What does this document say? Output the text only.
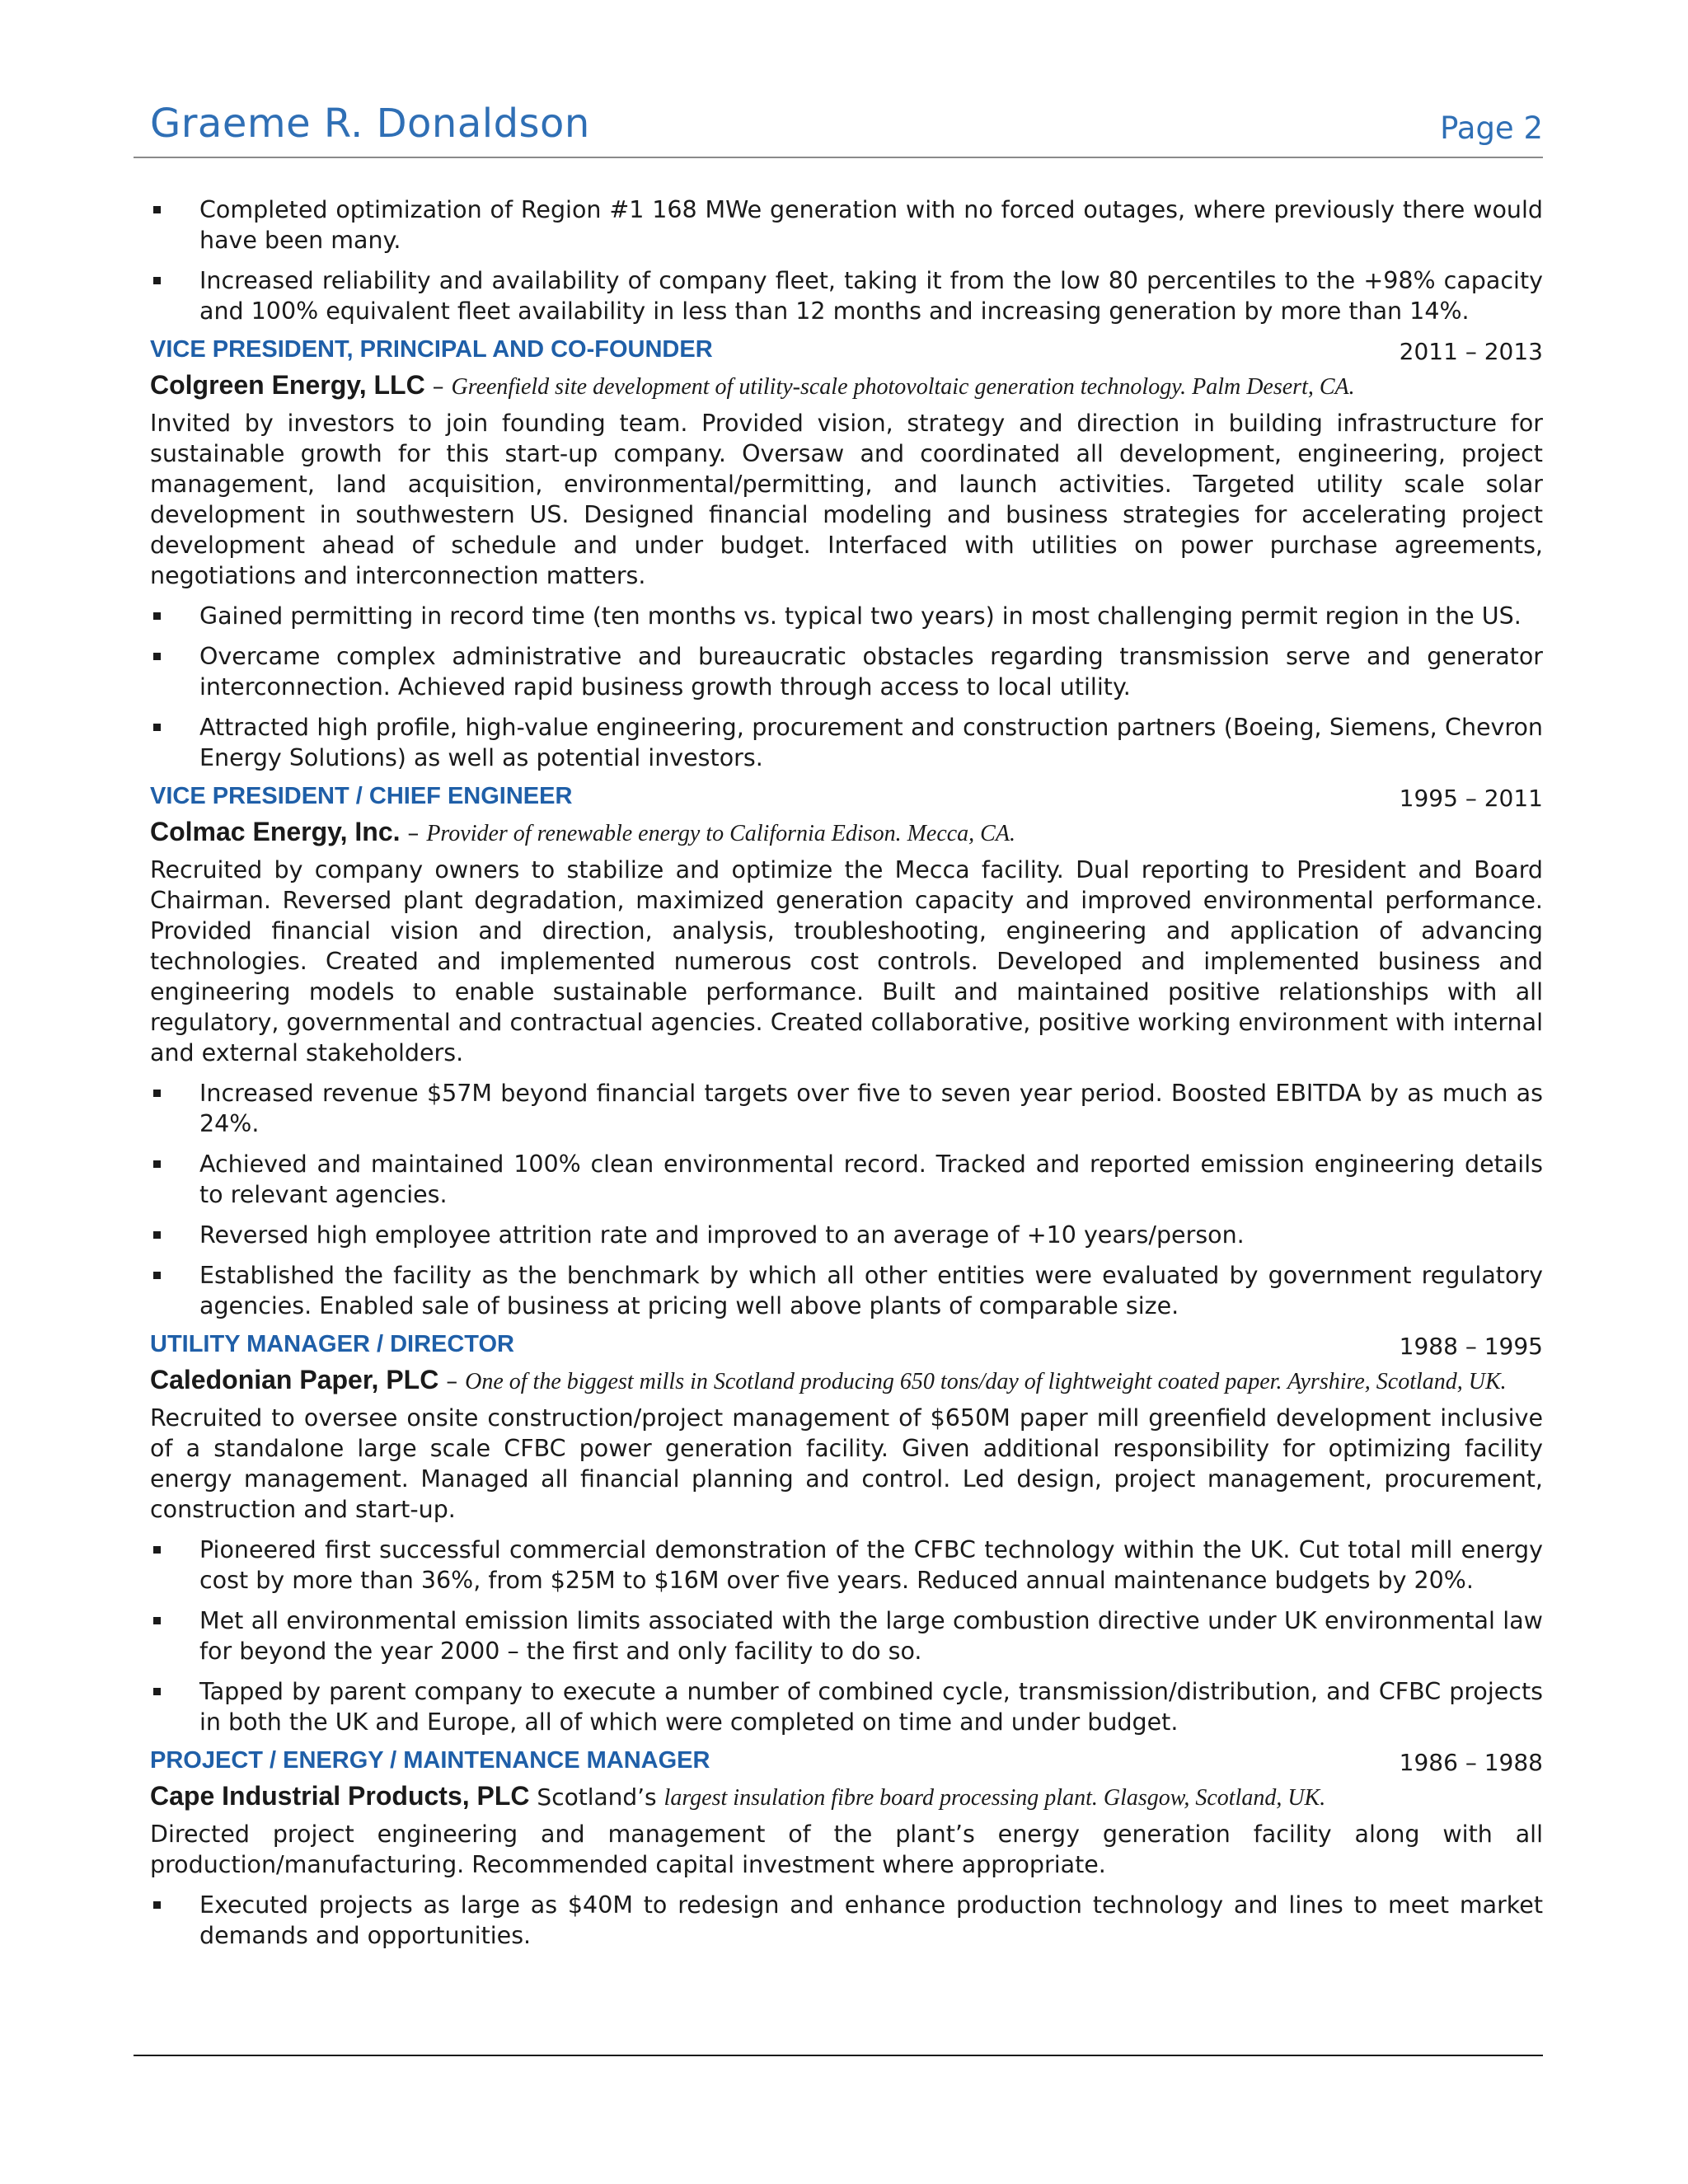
Graeme R. Donaldson	Page 2
Completed optimization of Region #1 168 MWe generation with no forced outages, where previously there would have been many.
Increased reliability and availability of company fleet, taking it from the low 80 percentiles to the +98% capacity and 100% equivalent fleet availability in less than 12 months and increasing generation by more than 14%.
VICE PRESIDENT, PRINCIPAL AND CO-FOUNDER	2011 – 2013
Colgreen Energy, LLC – Greenfield site development of utility-scale photovoltaic generation technology. Palm Desert, CA.
Invited by investors to join founding team. Provided vision, strategy and direction in building infrastructure for sustainable growth for this start-up company. Oversaw and coordinated all development, engineering, project management, land acquisition, environmental/permitting, and launch activities. Targeted utility scale solar development in southwestern US. Designed financial modeling and business strategies for accelerating project development ahead of schedule and under budget. Interfaced with utilities on power purchase agreements, negotiations and interconnection matters.
Gained permitting in record time (ten months vs. typical two years) in most challenging permit region in the US.
Overcame complex administrative and bureaucratic obstacles regarding transmission serve and generator interconnection. Achieved rapid business growth through access to local utility.
Attracted high profile, high-value engineering, procurement and construction partners (Boeing, Siemens, Chevron Energy Solutions) as well as potential investors.
VICE PRESIDENT / CHIEF ENGINEER	1995 – 2011
Colmac Energy, Inc. – Provider of renewable energy to California Edison. Mecca, CA.
Recruited by company owners to stabilize and optimize the Mecca facility. Dual reporting to President and Board Chairman. Reversed plant degradation, maximized generation capacity and improved environmental performance. Provided financial vision and direction, analysis, troubleshooting, engineering and application of advancing technologies. Created and implemented numerous cost controls. Developed and implemented business and engineering models to enable sustainable performance. Built and maintained positive relationships with all regulatory, governmental and contractual agencies. Created collaborative, positive working environment with internal and external stakeholders.
Increased revenue $57M beyond financial targets over five to seven year period. Boosted EBITDA by as much as 24%.
Achieved and maintained 100% clean environmental record. Tracked and reported emission engineering details to relevant agencies.
Reversed high employee attrition rate and improved to an average of +10 years/person.
Established the facility as the benchmark by which all other entities were evaluated by government regulatory agencies. Enabled sale of business at pricing well above plants of comparable size.
UTILITY MANAGER / DIRECTOR	1988 – 1995
Caledonian Paper, PLC – One of the biggest mills in Scotland producing 650 tons/day of lightweight coated paper. Ayrshire, Scotland, UK.
Recruited to oversee onsite construction/project management of $650M paper mill greenfield development inclusive of a standalone large scale CFBC power generation facility. Given additional responsibility for optimizing facility energy management. Managed all financial planning and control. Led design, project management, procurement, construction and start-up.
Pioneered first successful commercial demonstration of the CFBC technology within the UK. Cut total mill energy cost by more than 36%, from $25M to $16M over five years. Reduced annual maintenance budgets by 20%.
Met all environmental emission limits associated with the large combustion directive under UK environmental law for beyond the year 2000 – the first and only facility to do so.
Tapped by parent company to execute a number of combined cycle, transmission/distribution, and CFBC projects in both the UK and Europe, all of which were completed on time and under budget.
PROJECT / ENERGY / MAINTENANCE MANAGER	1986 – 1988
Cape Industrial Products, PLC Scotland’s largest insulation fibre board processing plant. Glasgow, Scotland, UK.
Directed project engineering and management of the plant’s energy generation facility along with all production/manufacturing. Recommended capital investment where appropriate.
Executed projects as large as $40M to redesign and enhance production technology and lines to meet market demands and opportunities.
